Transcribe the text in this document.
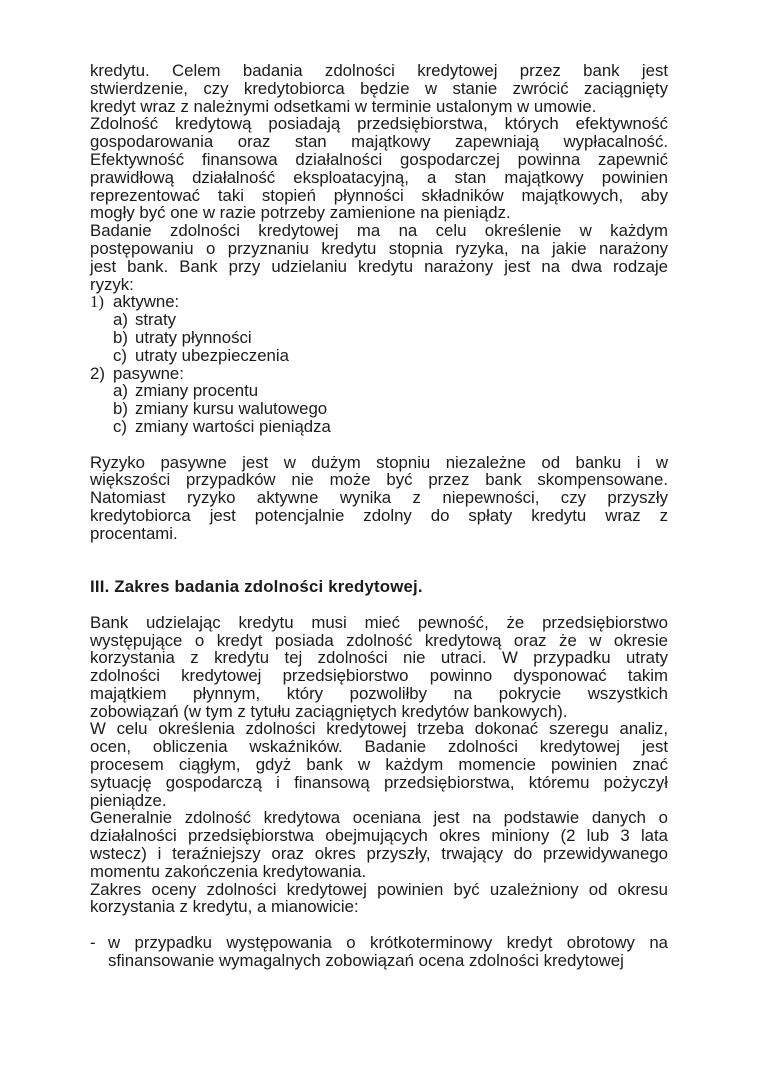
kredytu. Celem badania zdolności kredytowej przez bank jest
stwierdzenie, czy kredytobiorca będzie w stanie zwrócić zaciągnięty
kredyt wraz z należnymi odsetkami w terminie ustalonym w umowie.
Zdolność kredytową posiadają przedsiębiorstwa, których efektywność
gospodarowania oraz stan majątkowy zapewniają wypłacalność.
Efektywność finansowa działalności gospodarczej powinna zapewnić
prawidłową działalność eksploatacyjną, a stan majątkowy powinien
reprezentować taki stopień płynności składników majątkowych, aby
mogły być one w razie potrzeby zamienione na pieniądz.
Badanie zdolności kredytowej ma na celu określenie w każdym
postępowaniu o przyznaniu kredytu stopnia ryzyka, na jakie narażony
jest bank. Bank przy udzielaniu kredytu narażony jest na dwa rodzaje
ryzyk:
1) aktywne:
a) straty
b) utraty płynności
c) utraty ubezpieczenia
2) pasywne:
a) zmiany procentu
b) zmiany kursu walutowego
c) zmiany wartości pieniądza
Ryzyko pasywne jest w dużym stopniu niezależne od banku i w
większości przypadków nie może być przez bank skompensowane.
Natomiast ryzyko aktywne wynika z niepewności, czy przyszły
kredytobiorca jest potencjalnie zdolny do spłaty kredytu wraz z
procentami.
III. Zakres badania zdolności kredytowej.
Bank udzielając kredytu musi mieć pewność, że przedsiębiorstwo
występujące o kredyt posiada zdolność kredytową oraz że w okresie
korzystania z kredytu tej zdolności nie utraci. W przypadku utraty
zdolności kredytowej przedsiębiorstwo powinno dysponować takim
majątkiem płynnym, który pozwoliłby na pokrycie wszystkich
zobowiązań (w tym z tytułu zaciągniętych kredytów bankowych).
W celu określenia zdolności kredytowej trzeba dokonać szeregu analiz,
ocen, obliczenia wskaźników. Badanie zdolności kredytowej jest
procesem ciągłym, gdyż bank w każdym momencie powinien znać
sytuację gospodarczą i finansową przedsiębiorstwa, któremu pożyczył
pieniądze.
Generalnie zdolność kredytowa oceniana jest na podstawie danych o
działalności przedsiębiorstwa obejmujących okres miniony (2 lub 3 lata
wstecz) i teraźniejszy oraz okres przyszły, trwający do przewidywanego
momentu zakończenia kredytowania.
Zakres oceny zdolności kredytowej powinien być uzależniony od okresu
korzystania z kredytu, a mianowicie:
- w przypadku występowania o krótkoterminowy kredyt obrotowy na
sfinansowanie wymagalnych zobowiązań ocena zdolności kredytowej
